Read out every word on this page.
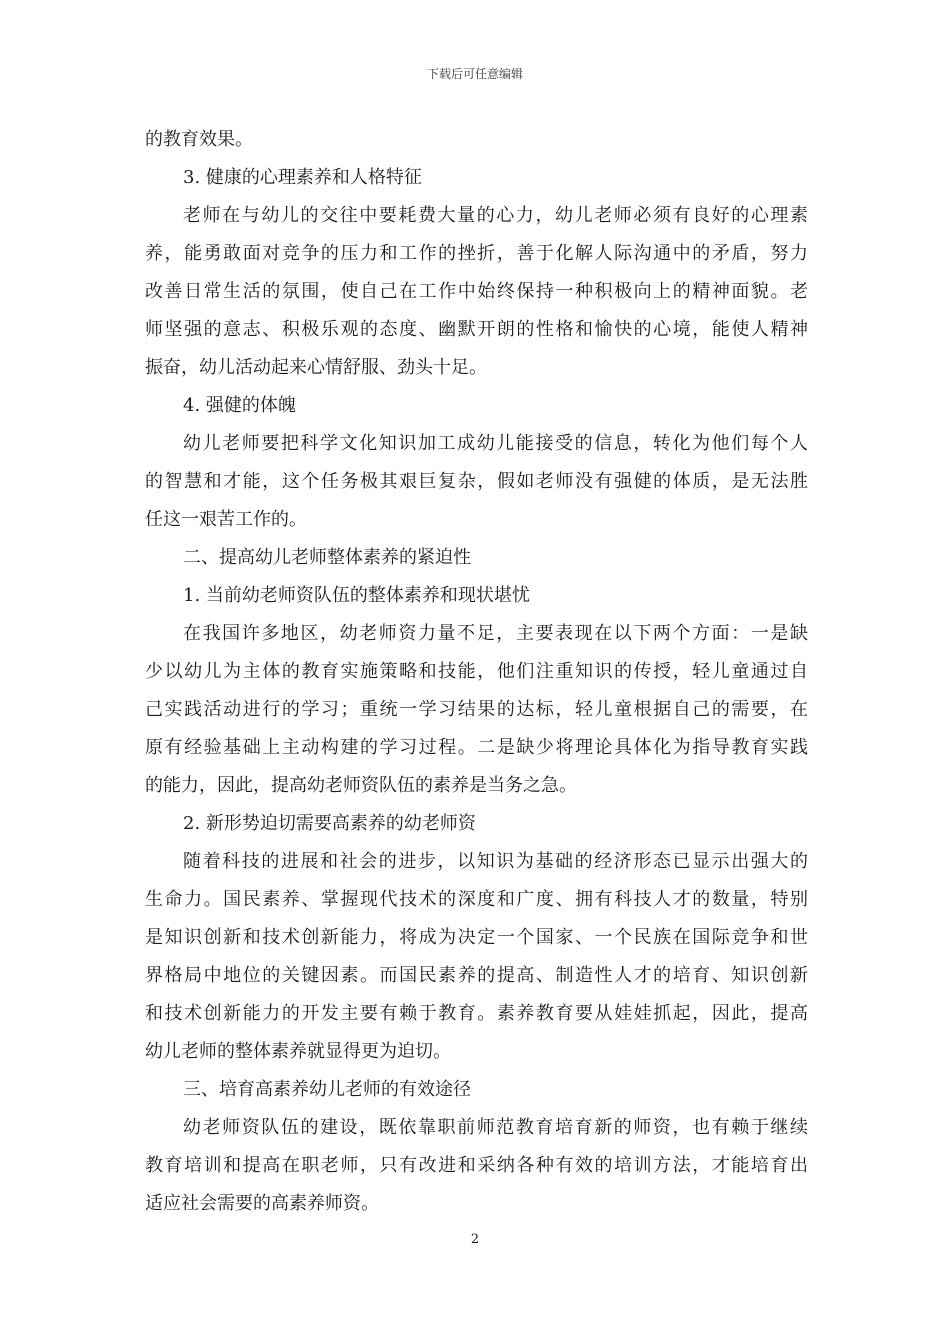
下载后可任意编辑
的教育效果。
3. 健康的心理素养和人格特征
老师在与幼儿的交往中要耗费大量的心力，幼儿老师必须有良好的心理素
养，能勇敢面对竞争的压力和工作的挫折，善于化解人际沟通中的矛盾，努力
改善日常生活的氛围，使自己在工作中始终保持一种积极向上的精神面貌。老
师坚强的意志、积极乐观的态度、幽默开朗的性格和愉快的心境，能使人精神
振奋，幼儿活动起来心情舒服、劲头十足。
4. 强健的体魄
幼儿老师要把科学文化知识加工成幼儿能接受的信息，转化为他们每个人
的智慧和才能，这个任务极其艰巨复杂，假如老师没有强健的体质，是无法胜
任这一艰苦工作的。
二、提高幼儿老师整体素养的紧迫性
1. 当前幼老师资队伍的整体素养和现状堪忧
在我国许多地区，幼老师资力量不足，主要表现在以下两个方面：一是缺
少以幼儿为主体的教育实施策略和技能，他们注重知识的传授，轻儿童通过自
己实践活动进行的学习；重统一学习结果的达标，轻儿童根据自己的需要，在
原有经验基础上主动构建的学习过程。二是缺少将理论具体化为指导教育实践
的能力，因此，提高幼老师资队伍的素养是当务之急。
2. 新形势迫切需要高素养的幼老师资
随着科技的进展和社会的进步，以知识为基础的经济形态已显示出强大的
生命力。国民素养、掌握现代技术的深度和广度、拥有科技人才的数量，特别
是知识创新和技术创新能力，将成为决定一个国家、一个民族在国际竞争和世
界格局中地位的关键因素。而国民素养的提高、制造性人才的培育、知识创新
和技术创新能力的开发主要有赖于教育。素养教育要从娃娃抓起，因此，提高
幼儿老师的整体素养就显得更为迫切。
三、培育高素养幼儿老师的有效途径
幼老师资队伍的建设，既依靠职前师范教育培育新的师资，也有赖于继续
教育培训和提高在职老师，只有改进和采纳各种有效的培训方法，才能培育出
适应社会需要的高素养师资。
2
